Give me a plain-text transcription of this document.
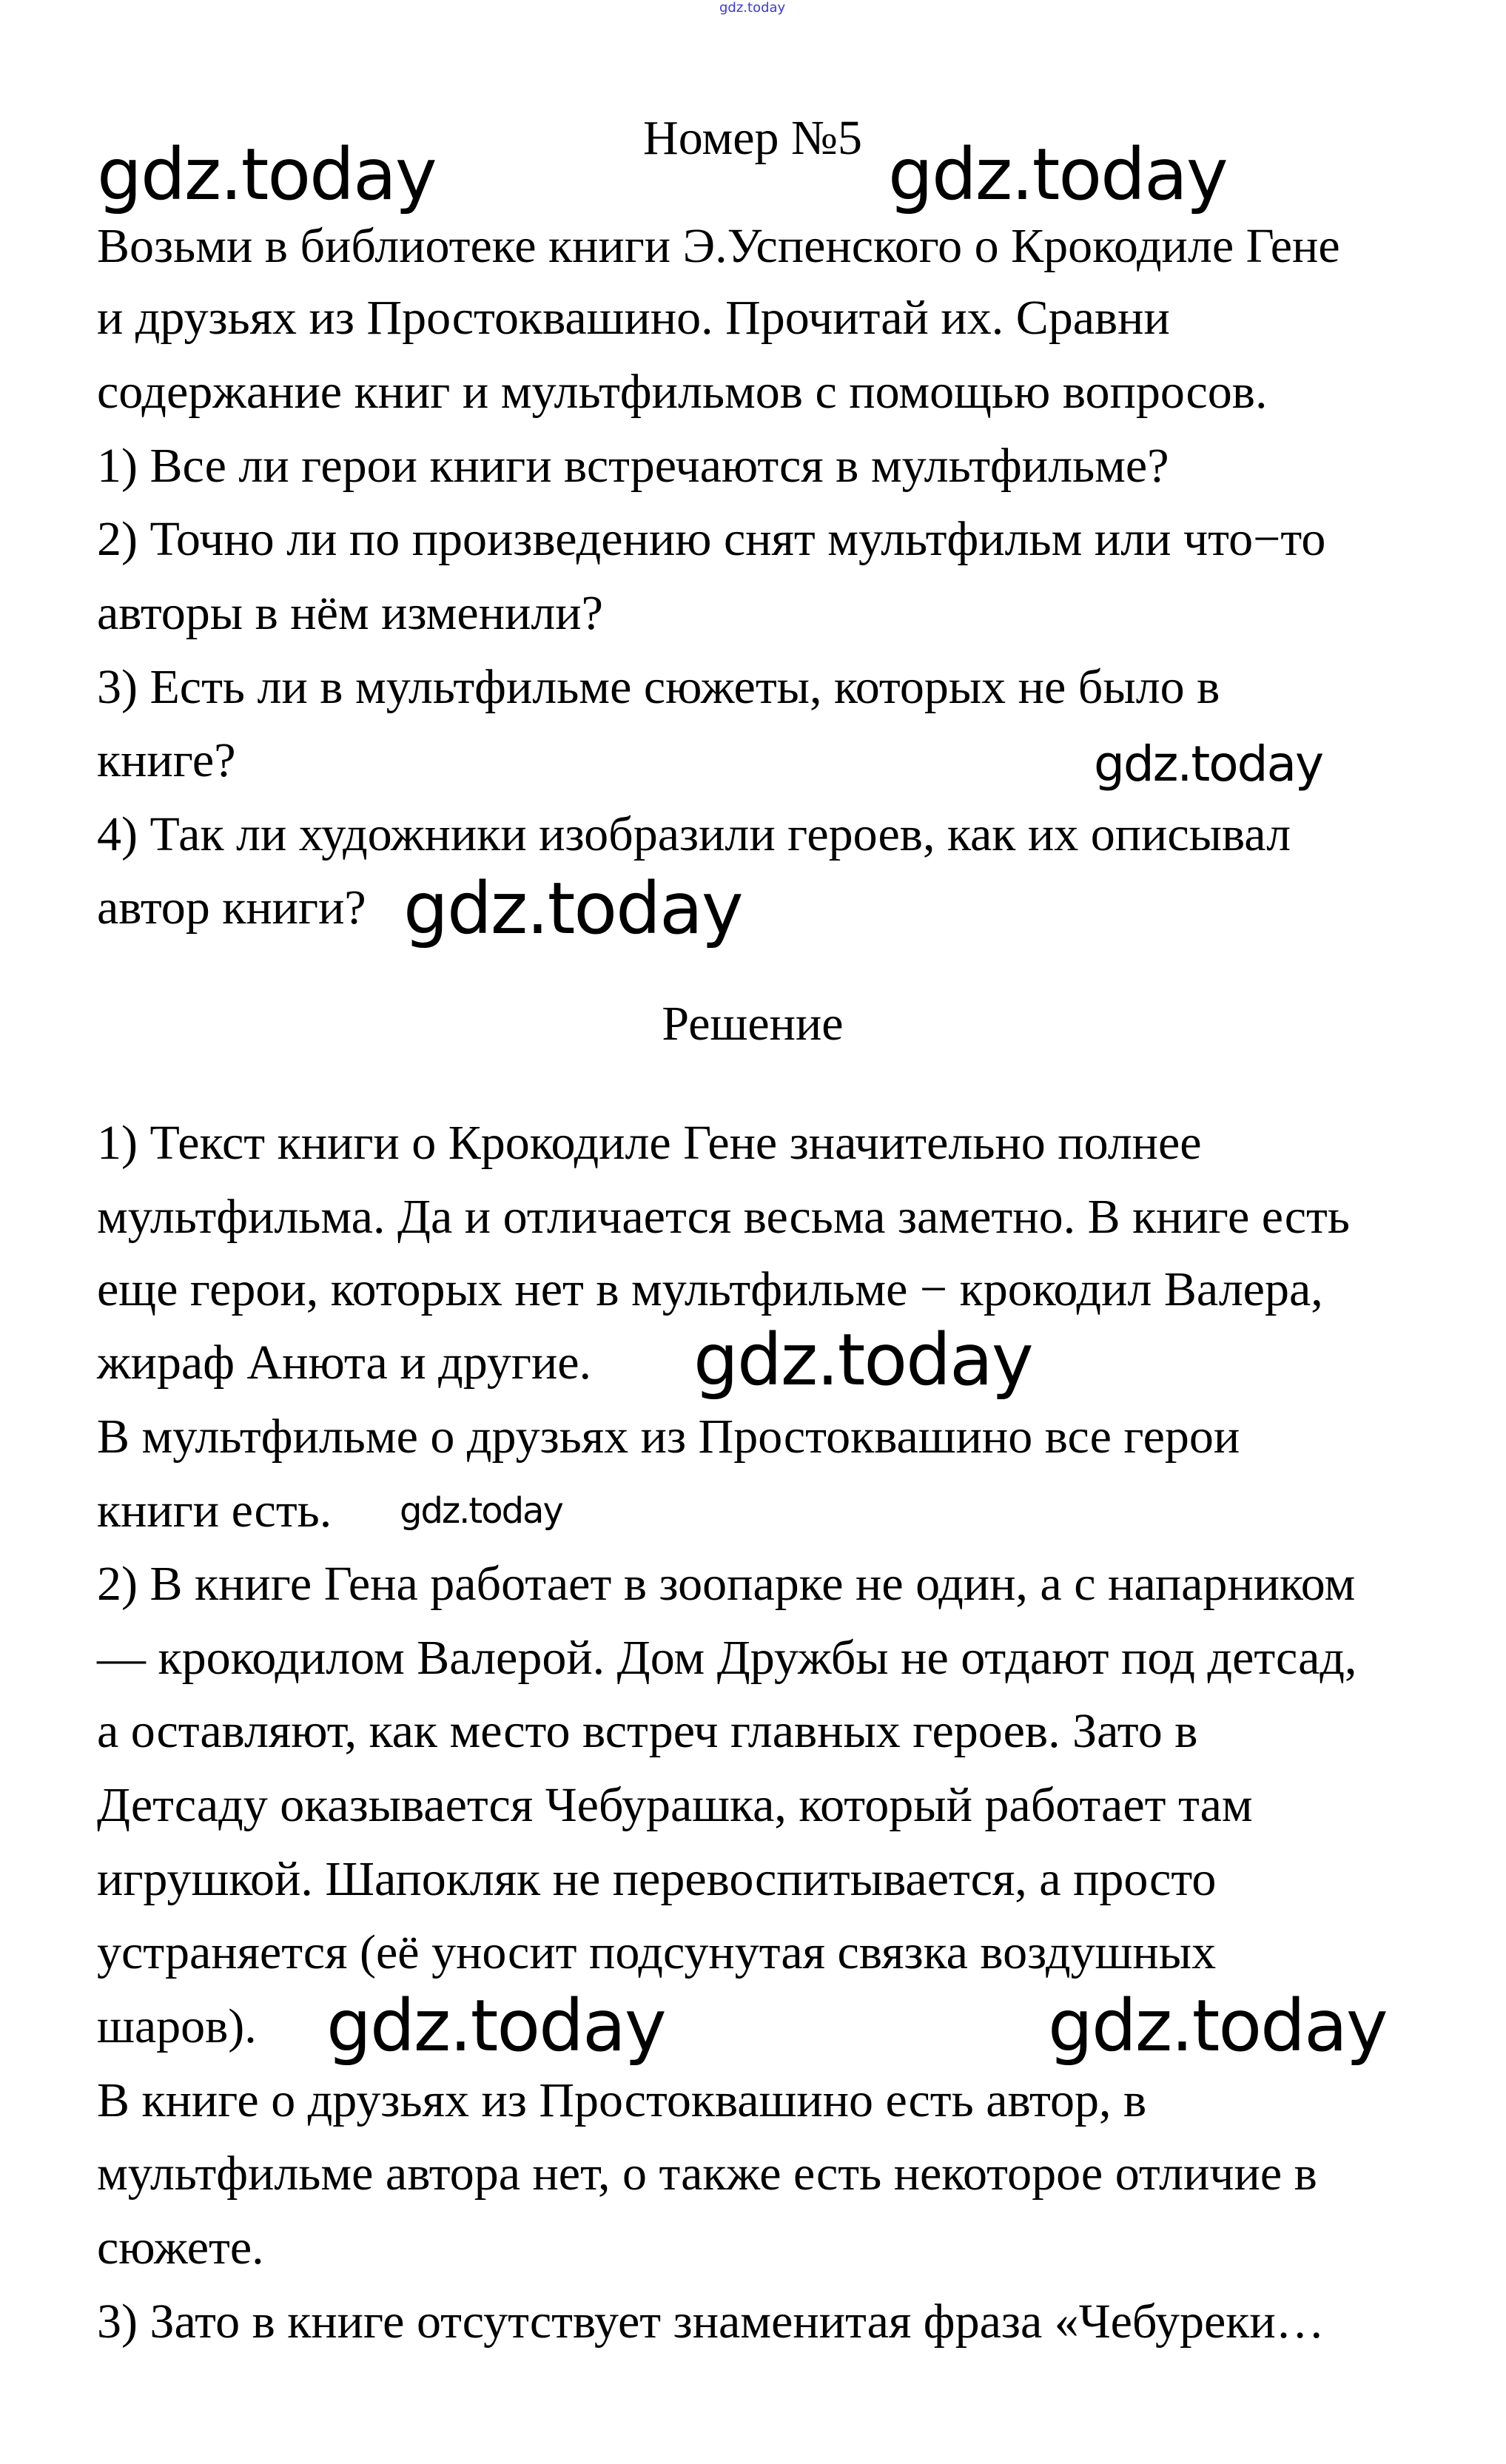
gdz.today
Номер №5
Возьми в библиотеке книги Э.Успенского о Крокодиле Гене
и друзьях из Простоквашино. Прочитай их. Сравни
содержание книг и мультфильмов с помощью вопросов.
1) Все ли герои книги встречаются в мультфильме?
2) Точно ли по произведению снят мультфильм или что−то
авторы в нём изменили?
3) Есть ли в мультфильме сюжеты, которых не было в
книге?
4) Так ли художники изобразили героев, как их описывал
автор книги?
Решение
1) Текст книги о Крокодиле Гене значительно полнее
мультфильма. Да и отличается весьма заметно. В книге есть
еще герои, которых нет в мультфильме − крокодил Валера,
жираф Анюта и другие.
В мультфильме о друзьях из Простоквашино все герои
книги есть.
2) В книге Гена работает в зоопарке не один, а с напарником
— крокодилом Валерой. Дом Дружбы не отдают под детсад,
а оставляют, как место встреч главных героев. Зато в
Детсаду оказывается Чебурашка, который работает там
игрушкой. Шапокляк не перевоспитывается, а просто
устраняется (её уносит подсунутая связка воздушных
шаров).
В книге о друзьях из Простоквашино есть автор, в
мультфильме автора нет, о также есть некоторое отличие в
сюжете.
3) Зато в книге отсутствует знаменитая фраза «Чебуреки…
gdz.today	gdz.today
gdz.today
gdz.today
gdz.today
gdz.today
gdz.today	gdz.today
